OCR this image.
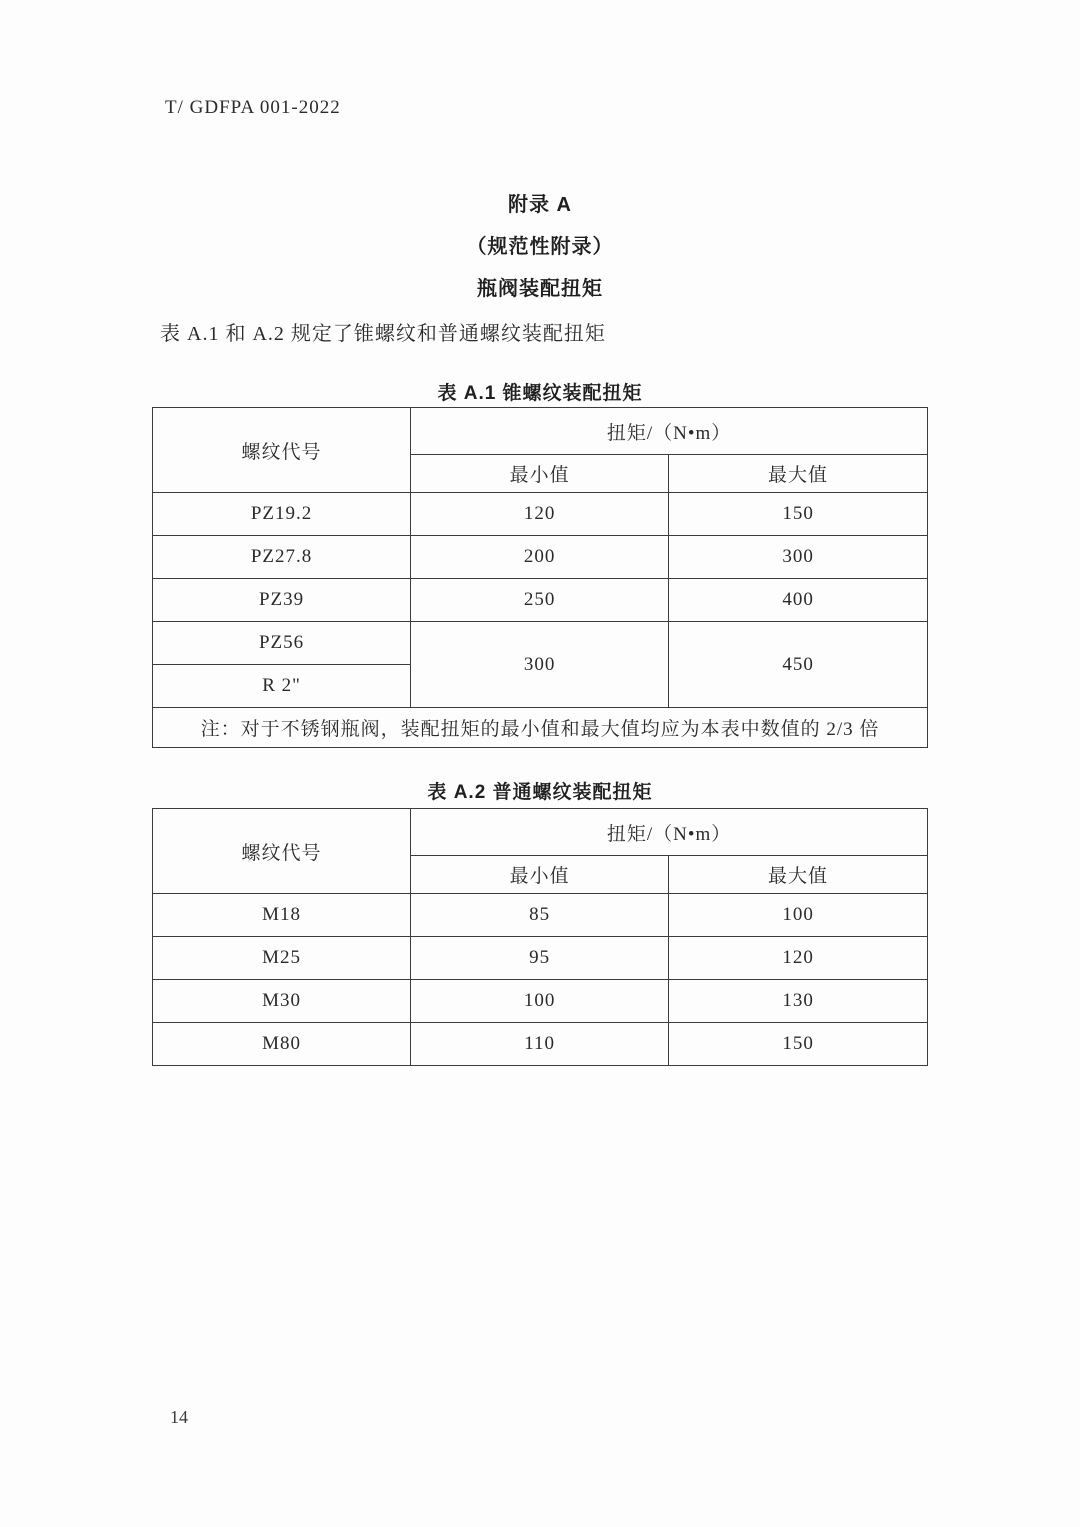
T/ GDFPA 001-2022
附录 A
（规范性附录）
瓶阀装配扭矩
表 A.1 和 A.2 规定了锥螺纹和普通螺纹装配扭矩
表 A.1 锥螺纹装配扭矩
螺纹代号	扭矩/（N•m）	
	最小值	最大值
PZ19.2	120	150
PZ27.8	200	300
PZ39	250	400
PZ56	300	450
R 2"		
注：对于不锈钢瓶阀，装配扭矩的最小值和最大值均应为本表中数值的 2/3 倍		
表 A.2 普通螺纹装配扭矩
螺纹代号	扭矩/（N•m）	
	最小值	最大值
M18	85	100
M25	95	120
M30	100	130
M80	110	150
14
